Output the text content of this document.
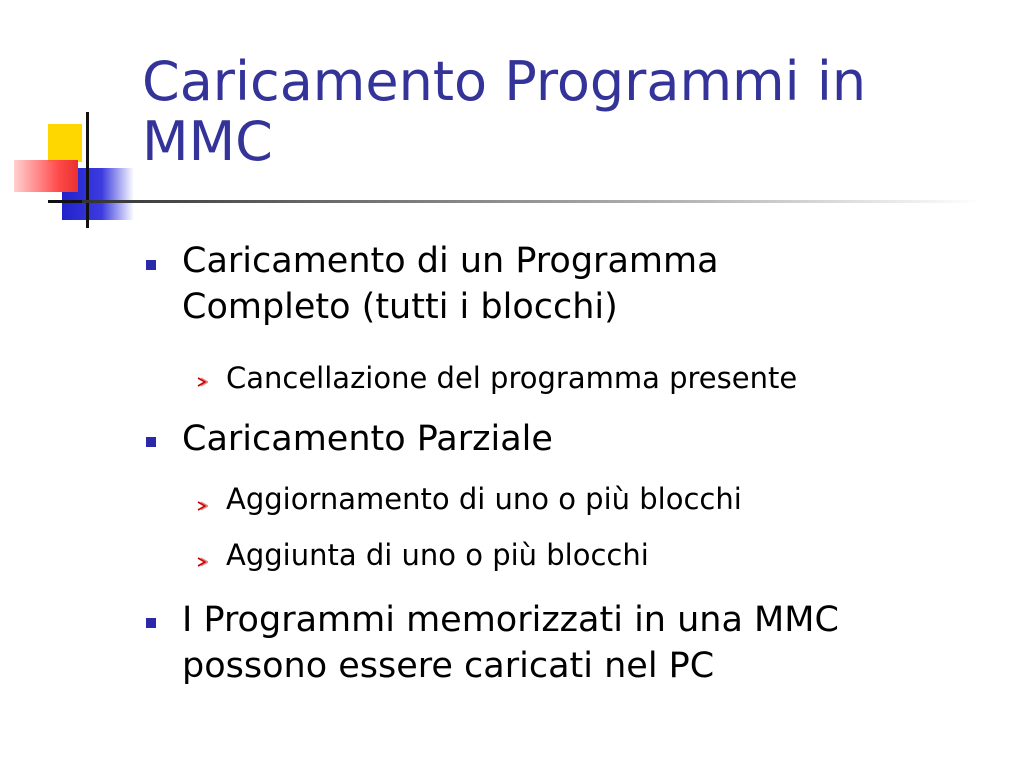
Caricamento Programmi in
MMC
Caricamento di un Programma
Completo (tutti i blocchi)
Cancellazione del programma presente
Caricamento Parziale
Aggiornamento di uno o più blocchi
Aggiunta di uno o più blocchi
I Programmi memorizzati in una MMC
possono essere caricati nel PC
